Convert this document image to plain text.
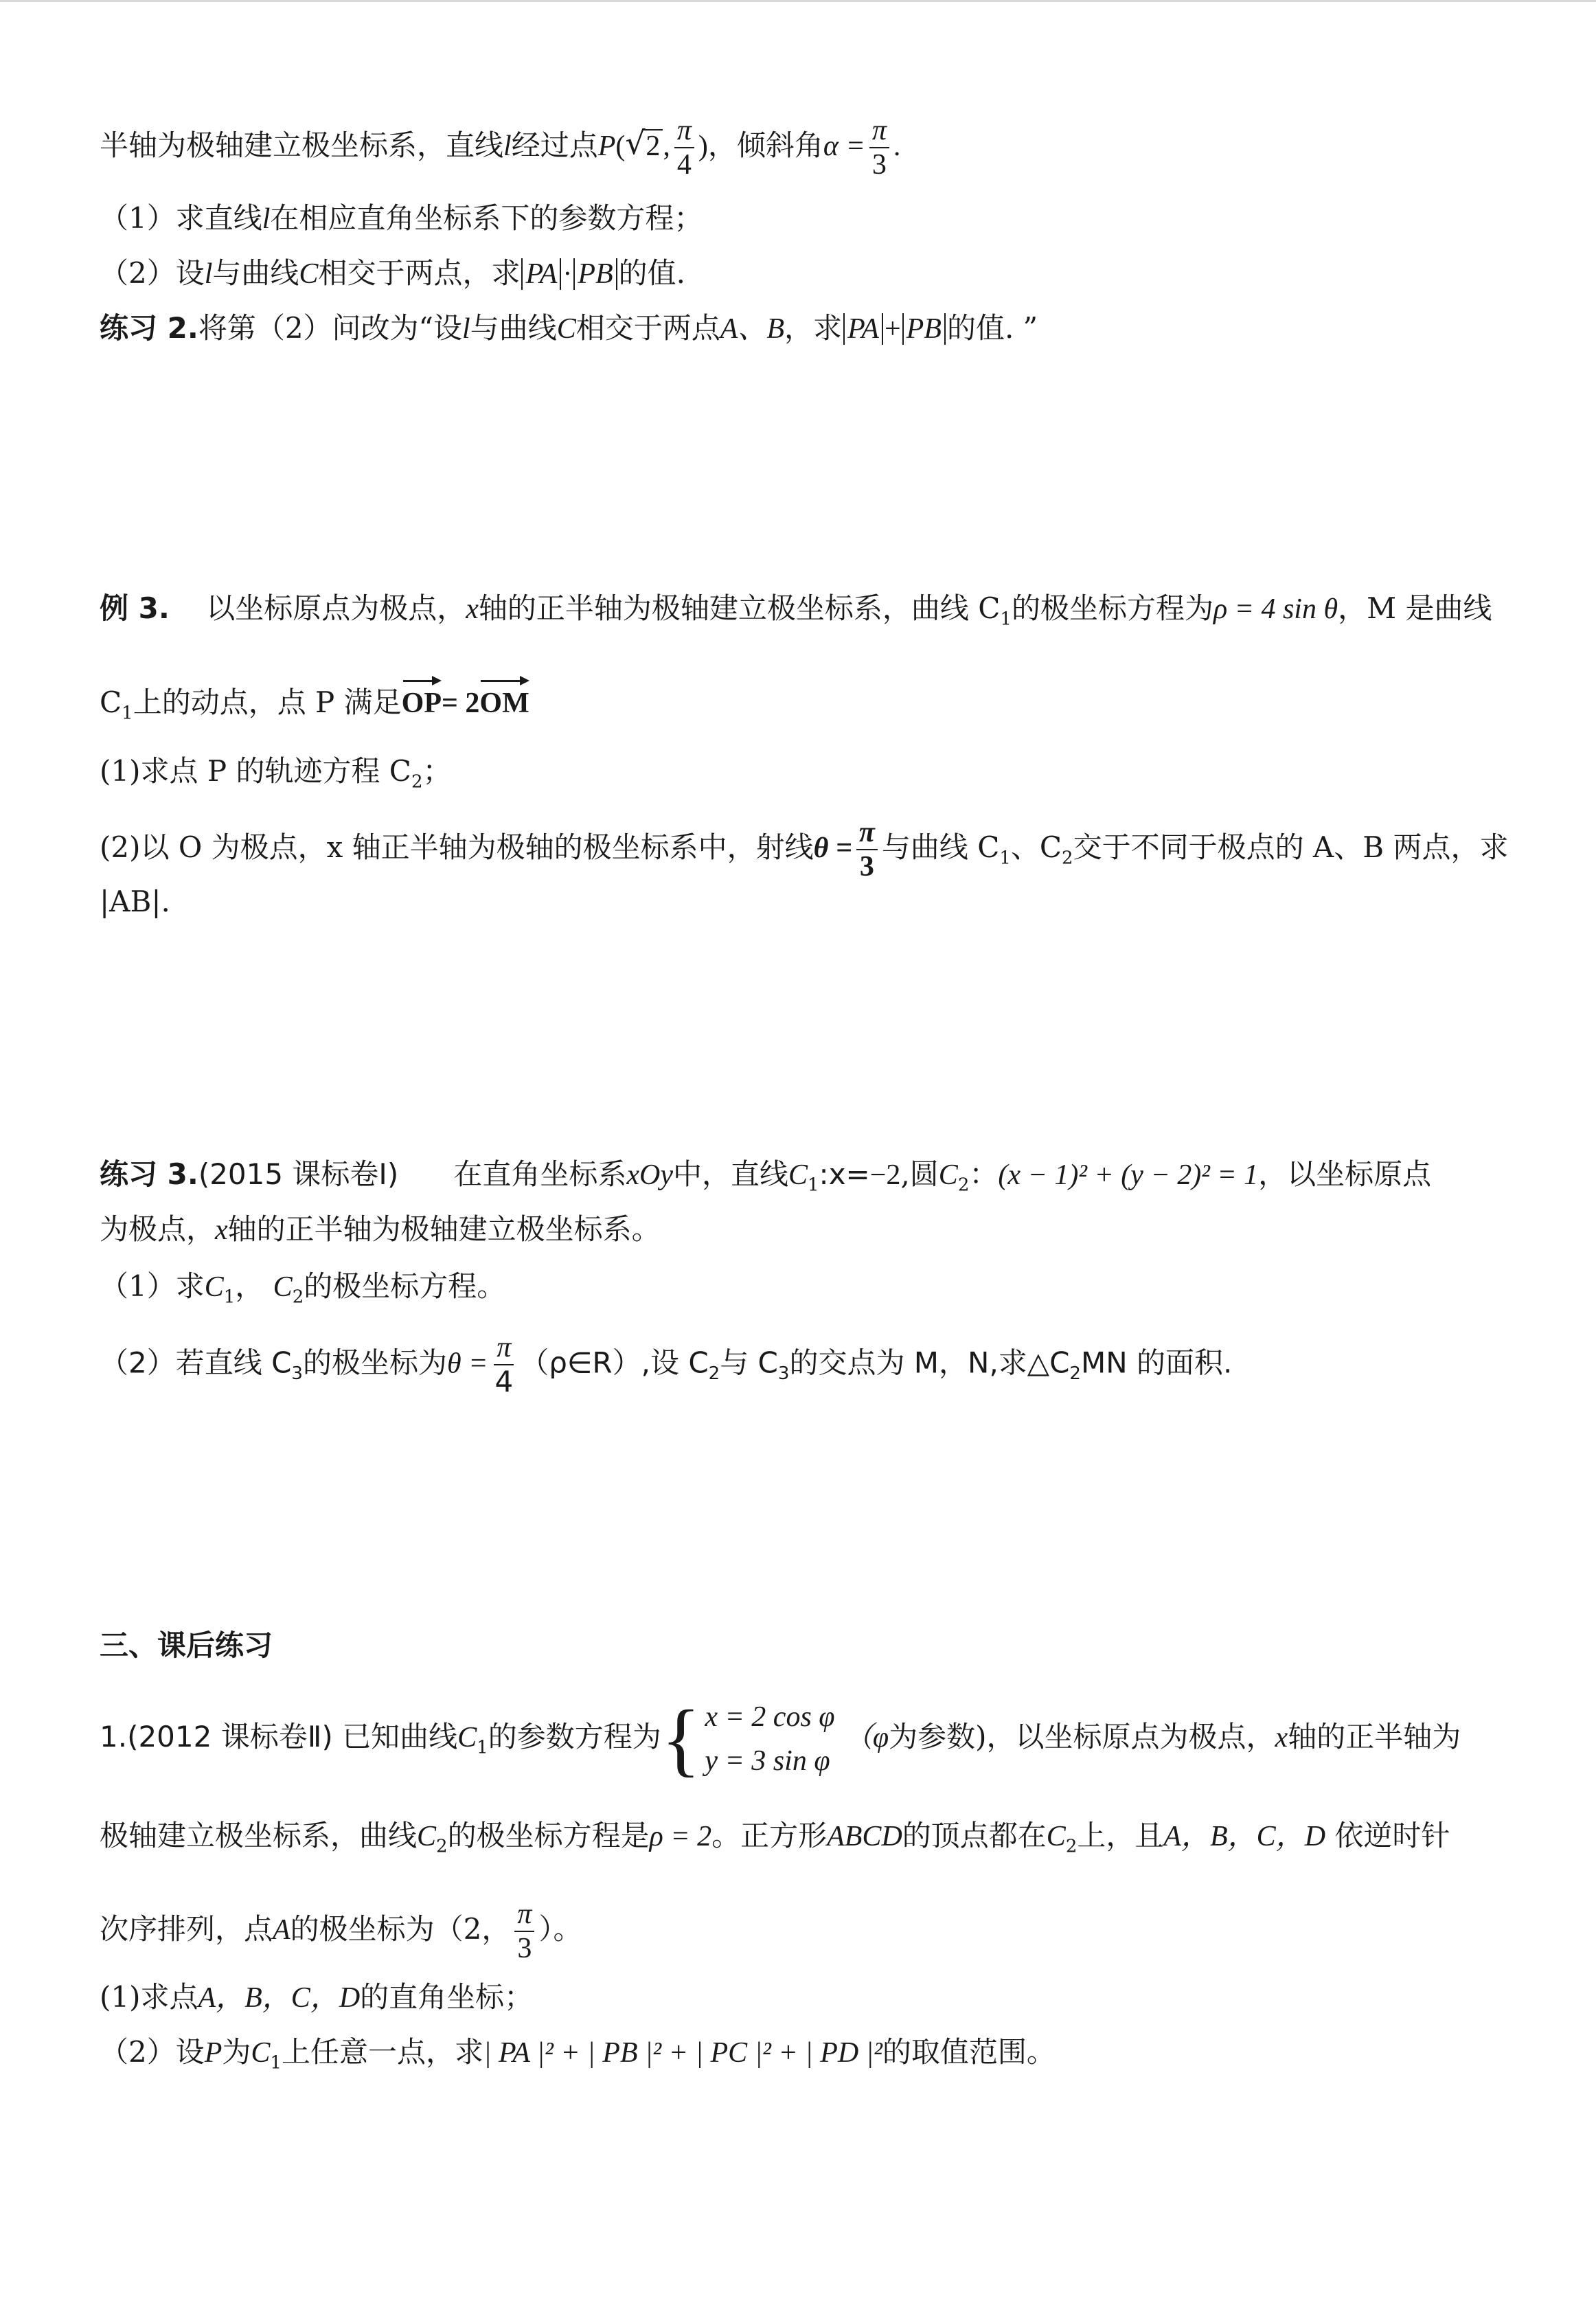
半轴为极轴建立极坐标系，直线l经过点P( √ 2, $\frac{\pi}{4}$ )，倾斜角$\alpha = \frac{\pi}{3}$ .
（1）求直线l在相应直角坐标系下的参数方程；
（2）设l与曲线C相交于两点，求 PA · PB 的值.
练习 2.将第（2）问改为“设l与曲线C相交于两点A、B，求 PA + PB 的值. ”
例 3. 以坐标原点为极点，x轴的正半轴为极轴建立极坐标系，曲线 $C_1$的极坐标方程为ρ = 4 sin θ，M 是曲线
$C_1$上的动点，点 P 满足OP= 2OM
(1)求点 P 的轨迹方程 $C_2$；
(2)以 O 为极点，x 轴正半轴为极轴的极坐标系中，射线$\theta = \frac{\pi}{3}$ 与曲线 $C_1$、$C_2$交于不同于极点的 A、B 两点，求
|AB|.
练习 3.(2015 课标卷Ⅰ) 在直角坐标系xOy中，直线$C_1:x=-2$,圆$C_2$：(x − 1)² + (y − 2)² = 1，以坐标原点
为极点，x轴的正半轴为极轴建立极坐标系。
（1）求$C_1$， $C_2$的极坐标方程。
（2）若直线 $C_3$的极坐标为$\theta = \frac{\pi}{4}$ （ρ∈R）,设 $C_2$与 $C_3$的交点为 M，N,求$\triangle C_2MN$ 的面积.
三、课后练习
1.(2012 课标卷Ⅱ) 已知曲线$C_1$的参数方程为 { x = 2 cos φ
y = 3 sin φ
（φ为参数)，以坐标原点为极点，x轴的正半轴为
极轴建立极坐标系，曲线$C_2$的极坐标方程是ρ = 2。正方形ABCD的顶点都在$C_2$上，且A，B，C，D 依逆时针
次序排列，点A的极坐标为（2， $\frac{\pi}{3}$ ）。
(1)求点A，B，C，D的直角坐标；
（2）设P为$C_1$上任意一点，求| PA |² + | PB |² + | PC |² + | PD |²的取值范围。
